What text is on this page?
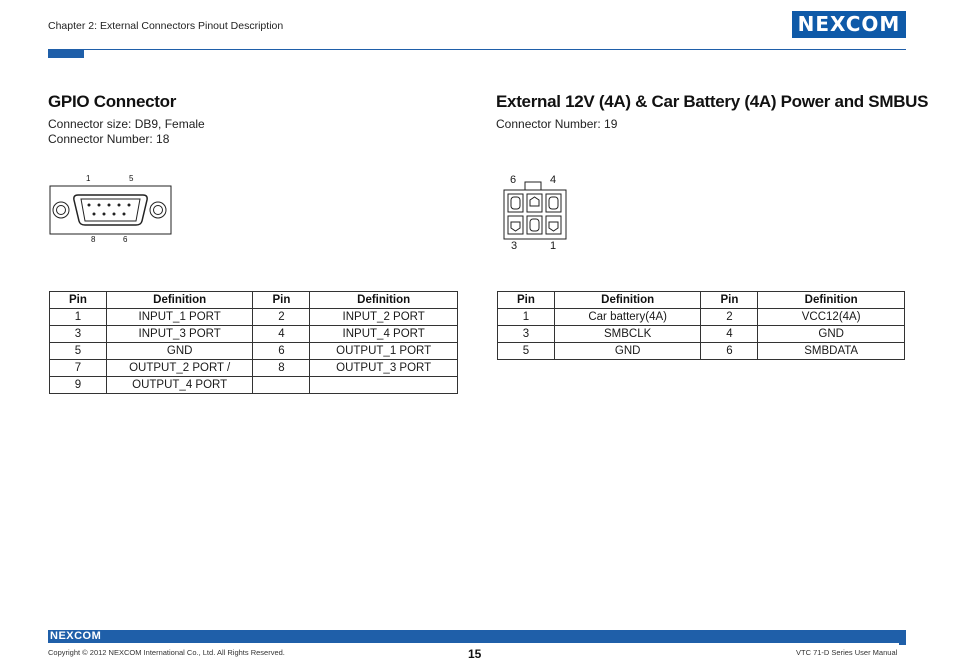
Chapter 2: External Connectors Pinout Description	NEXCOM
GPIO Connector
Connector size: DB9, Female
Connector Number: 18
1	5
8	6
Pin	Definition	Pin	Definition
1	INPUT_1 PORT	2	INPUT_2 PORT
3	INPUT_3 PORT	4	INPUT_4 PORT
5	GND	6	OUTPUT_1 PORT
7	OUTPUT_2 PORT /	8	OUTPUT_3 PORT
9	OUTPUT_4 PORT		
External 12V (4A) & Car Battery (4A) Power and SMBUS
Connector Number: 19
6	4
3	1
Pin	Definition	Pin	Definition
1	Car battery(4A)	2	VCC12(4A)
3	SMBCLK	4	GND
5	GND	6	SMBDATA
NEXCOM
Copyright © 2012 NEXCOM International Co., Ltd. All Rights Reserved.	15	VTC 71-D Series User Manual
